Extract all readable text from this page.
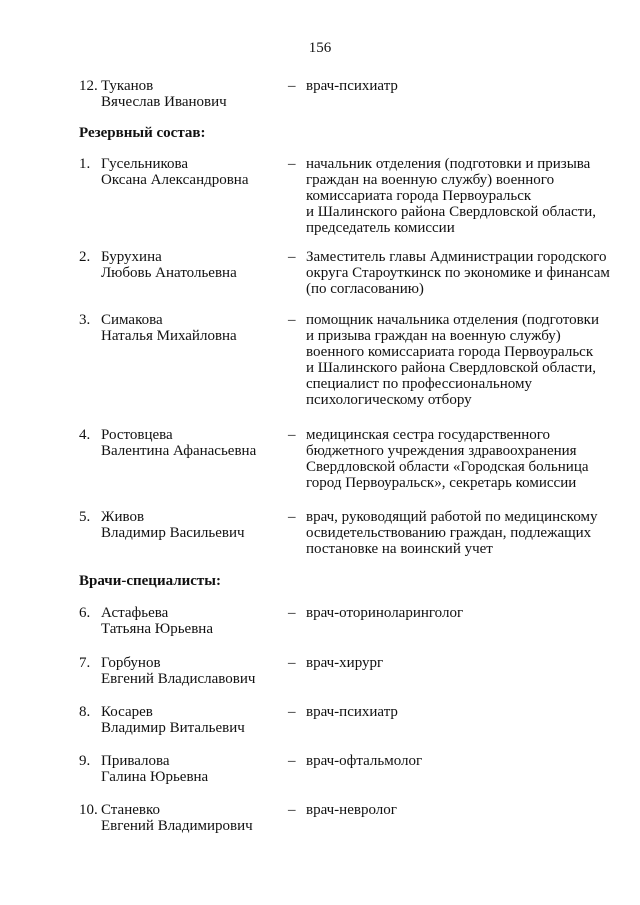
156
12. Туканов
Вячеслав Иванович
– врач-психиатр
Резервный состав:
1. Гусельникова
Оксана Александровна
– начальник отделения (подготовки и призыва
граждан на военную службу) военного
комиссариата города Первоуральск
и Шалинского района Свердловской области,
председатель комиссии
2. Бурухина
Любовь Анатольевна
– Заместитель главы Администрации городского
округа Староуткинск по экономике и финансам
(по согласованию)
3. Симакова
Наталья Михайловна
– помощник начальника отделения (подготовки
и призыва граждан на военную службу)
военного комиссариата города Первоуральск
и Шалинского района Свердловской области,
специалист по профессиональному
психологическому отбору
4. Ростовцева
Валентина Афанасьевна
– медицинская сестра государственного
бюджетного учреждения здравоохранения
Свердловской области «Городская больница
город Первоуральск», секретарь комиссии
5. Живов
Владимир Васильевич
– врач, руководящий работой по медицинскому
освидетельствованию граждан, подлежащих
постановке на воинский учет
Врачи-специалисты:
6. Астафьева
Татьяна Юрьевна
– врач-оториноларинголог
7. Горбунов
Евгений Владиславович
– врач-хирург
8. Косарев
Владимир Витальевич
– врач-психиатр
9. Привалова
Галина Юрьевна
– врач-офтальмолог
10. Станевко
Евгений Владимирович
– врач-невролог
